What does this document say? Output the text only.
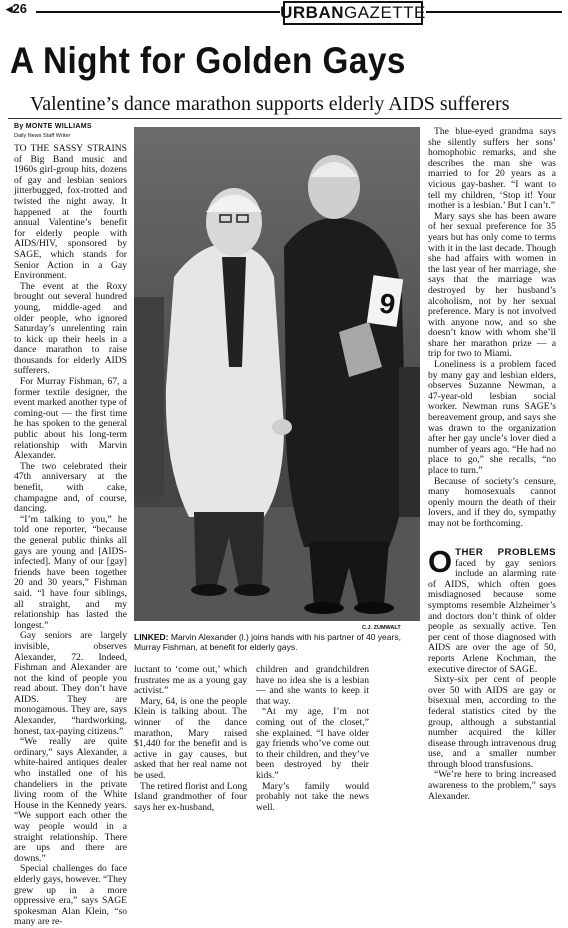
◂26	URBAN GAZETTE
A Night for Golden Gays
Valentine’s dance marathon supports elderly AIDS sufferers
By MONTE WILLIAMS
Daily News Staff Writer

TO THE SASSY STRAINS of Big Band music and 1960s girl-group hits, dozens of gay and lesbian seniors jitterbugged, fox-trotted and twisted the night away. It happened at the fourth annual Valentine’s benefit for elderly people with AIDS/HIV, sponsored by SAGE, which stands for Senior Action in a Gay Environment.

The event at the Roxy brought out several hundred young, middle-aged and older people, who ignored Saturday’s unrelenting rain to kick up their heels in a dance marathon to raise thousands for elderly AIDS sufferers.

For Murray Fishman, 67, a former textile designer, the event marked another type of coming-out — the first time he has spoken to the general public about his long-term relationship with Marvin Alexander.

The two celebrated their 47th anniversary at the benefit, with cake, champagne and, of course, dancing.

“I’m talking to you,” he told one reporter, “because the general public thinks all gays are young and [AIDS-infected]. Many of our [gay] friends have been together 20 and 30 years,” Fishman said. “I have four siblings, all straight, and my relationship has lasted the longest.”

Gay seniors are largely invisible, observes Alexander, 72. Indeed, Fishman and Alexander are not the kind of people you read about. They don’t have AIDS. They are monogamous. They are, says Alexander, “hardworking, honest, tax-paying citizens.”

“We really are quite ordinary,” says Alexander, a white-haired antiques dealer who installed one of his chandeliers in the private living room of the White House in the Kennedy years. “We support each other the way people would in a straight relationship. There are ups and there are downs.”

Special challenges do face elderly gays, however. “They grew up in a more oppressive era,” says SAGE spokesman Alan Klein, “so many are re-

9
C.J. ZUMWALT
LINKED: Marvin Alexander (l.) joins hands with his partner of 40 years, Murray Fishman, at benefit for elderly gays.

luctant to ‘come out,’ which frustrates me as a young gay activist.”

Mary, 64, is one the people Klein is talking about. The winner of the dance marathon, Mary raised $1,440 for the benefit and is active in gay causes, but asked that her real name not be used.

The retired florist and Long Island grandmother of four says her ex-husband,

children and grandchildren have no idea she is a lesbian — and she wants to keep it that way.

“At my age, I’m not coming out of the closet,” she explained. “I have older gay friends who’ve come out to their children, and they’ve been destroyed by their kids.”

Mary’s family would probably not take the news well.

The blue-eyed grandma says she silently suffers her sons’ homophobic remarks, and she describes the man she was married to for 20 years as a vicious gay-basher. “I want to tell my children, ‘Stop it! Your mother is a lesbian.’ But I can’t.”

Mary says she has been aware of her sexual preference for 35 years but has only come to terms with it in the last decade. Though she had affairs with women in the last year of her marriage, she says that the marriage was destroyed by her husband’s alcoholism, not by her sexual preference. Mary is not involved with anyone now, and so she doesn’t know with whom she’ll share her marathon prize — a trip for two to Miami.

Loneliness is a problem faced by many gay and lesbian elders, observes Suzanne Newman, a 47-year-old lesbian social worker. Newman runs SAGE’s bereavement group, and says she was drawn to the organization after her gay uncle’s lover died a number of years ago. “He had no place to go,” she recalls, “no place to turn.”

Because of society’s censure, many homosexuals cannot openly mourn the death of their lovers, and if they do, sympathy may not be forthcoming.

OTHER PROBLEMS faced by gay seniors include an alarming rate of AIDS, which often goes misdiagnosed because some symptoms resemble Alzheimer’s and doctors don’t think of older people as sexually active. Ten per cent of those diagnosed with AIDS are over the age of 50, reports Arlene Kochman, the executive director of SAGE.

Sixty-six per cent of people over 50 with AIDS are gay or bisexual men, according to the federal statistics cited by the group, although a substantial number acquired the killer disease through intravenous drug use, and a smaller number through blood transfusions.

“We’re here to bring increased awareness to the problem,” says Alexander.
